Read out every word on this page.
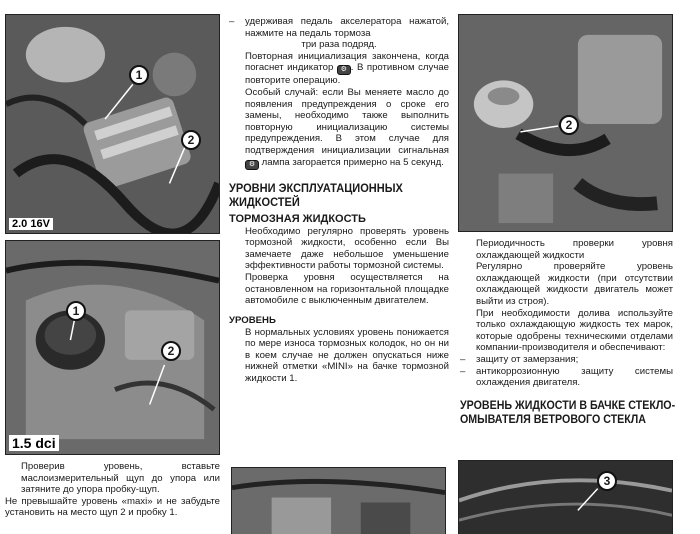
1
2
2.0 16V
1
2
1.5 dci

Проверив уровень, вставьте маслоизмерительный щуп до упора или затяните до упора пробку-щуп.

Не превышайте уровень «maxi» и не забудьте установить на место щуп 2 и пробку 1.

–	удерживая педаль акселератора нажатой, нажмите на педаль тормоза

три раза подряд.

Повторная инициализация закончена, когда погаснет индикатор ⚙ . В противном случае повторите операцию.

Особый случай: если Вы меняете масло до появления предупреждения о сроке его замены, необходимо также выполнить повторную инициализацию системы предупреждения. В этом случае для подтверждения инициализации сигнальная ⚙ лампа загорается примерно на 5 секунд.

УРОВНИ ЭКСПЛУАТАЦИОННЫХ
ЖИДКОСТЕЙ
ТОРМОЗНАЯ ЖИДКОСТЬ

Необходимо регулярно проверять уровень тормозной жидкости, особенно если Вы замечаете даже небольшое уменьшение эффективности работы тормозной системы.

Проверка уровня осуществляется на остановленном на горизонтальной площадке автомобиле с выключенным двигателем.

УРОВЕНЬ

В нормальных условиях уровень понижается по мере износа тормозных колодок, но он ни в коем случае не должен опускаться ниже нижней отметки «MINI» на бачке тормозной жидкости 1.

2

Периодичность проверки уровня охлаждающей жидкости

Регулярно проверяйте уровень охлаждающей жидкости (при отсутствии охлаждающей жидкости двигатель может выйти из строя).

При необходимости долива используйте только охлаждающую жидкость тех марок, которые одобрены техническими отделами компании-производителя и обеспечивают:

–	защиту от замерзания;

–	антикоррозионную защиту системы охлаждения двигателя.

УРОВЕНЬ ЖИДКОСТИ В БАЧКЕ СТЕКЛО-
ОМЫВАТЕЛЯ ВЕТРОВОГО СТЕКЛА
3
